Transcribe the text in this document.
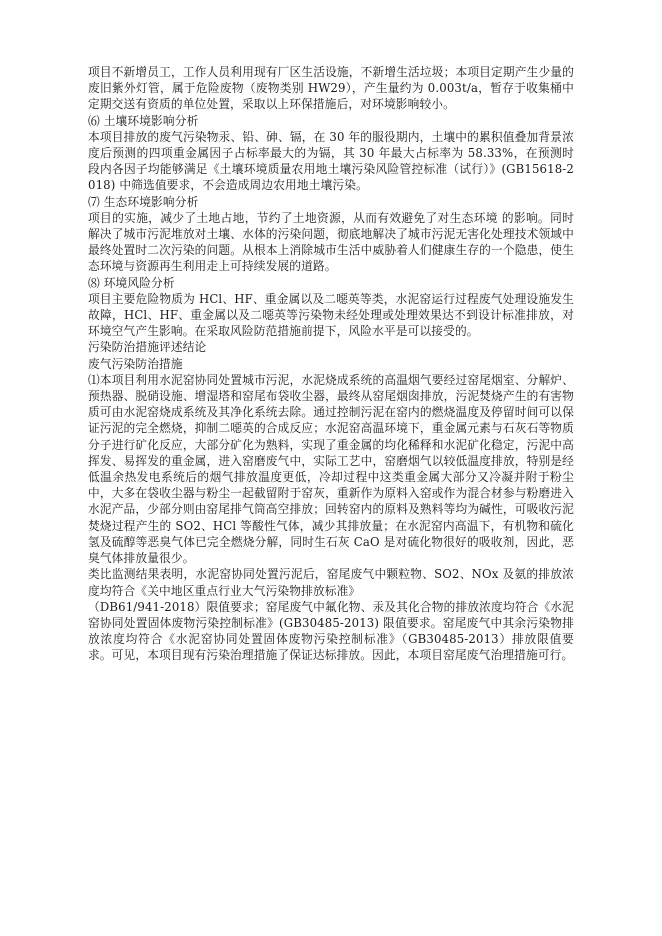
项目不新增员工，工作人员利用现有厂区生活设施，不新增生活垃圾；本项目定期产生少量的废旧紫外灯管，属于危险废物（废物类别 HW29），产生量约为 0.003t/a，暂存于收集桶中定期交送有资质的单位处置，采取以上环保措施后，对环境影响较小。

⑹ 土壤环境影响分析

本项目排放的废气污染物汞、铅、砷、镉，在 30 年的服役期内，土壤中的累积值叠加背景浓度后预测的四项重金属因子占标率最大的为镉，其 30 年最大占标率为 58.33%，在预测时段内各因子均能够满足《土壤环境质量农用地土壤污染风险管控标准（试行）》(GB15618-2018) 中筛选值要求，不会造成周边农用地土壤污染。

⑺ 生态环境影响分析

项目的实施，减少了土地占地，节约了土地资源，从而有效避免了对生态环境 的影响。同时解决了城市污泥堆放对土壤、水体的污染问题，彻底地解决了城市污泥无害化处理技术领域中最终处置时二次污染的问题。从根本上消除城市生活中威胁着人们健康生存的一个隐患，使生态环境与资源再生利用走上可持续发展的道路。

⑻ 环境风险分析

项目主要危险物质为 HCl、HF、重金属以及二噁英等类，水泥窑运行过程废气处理设施发生故障，HCl、HF、重金属以及二噁英等污染物未经处理或处理效果达不到设计标准排放，对环境空气产生影响。在采取风险防范措施前提下，风险水平是可以接受的。

污染防治措施评述结论

废气污染防治措施

⑴本项目利用水泥窑协同处置城市污泥，水泥烧成系统的高温烟气要经过窑尾烟室、分解炉、预热器、脱硝设施、增湿塔和窑尾布袋收尘器，最终从窑尾烟囱排放，污泥焚烧产生的有害物质可由水泥窑烧成系统及其净化系统去除。通过控制污泥在窑内的燃烧温度及停留时间可以保证污泥的完全燃烧，抑制二噁英的合成反应；水泥窑高温环境下，重金属元素与石灰石等物质分子进行矿化反应，大部分矿化为熟料，实现了重金属的均化稀释和水泥矿化稳定，污泥中高挥发、易挥发的重金属，进入窑磨废气中，实际工艺中，窑磨烟气以较低温度排放，特别是经低温余热发电系统后的烟气排放温度更低，冷却过程中这类重金属大部分又冷凝并附于粉尘中，大多在袋收尘器与粉尘一起截留附于窑灰，重新作为原料入窑或作为混合材参与粉磨进入水泥产品，少部分则由窑尾排气筒高空排放；回转窑内的原料及熟料等均为碱性，可吸收污泥焚烧过程产生的 SO2、HCl 等酸性气体，减少其排放量；在水泥窑内高温下，有机物和硫化氢及硫醇等恶臭气体已完全燃烧分解，同时生石灰 CaO 是对硫化物很好的吸收剂，因此，恶臭气体排放量很少。

类比监测结果表明，水泥窑协同处置污泥后，窑尾废气中颗粒物、SO2、NOx 及氨的排放浓度均符合《关中地区重点行业大气污染物排放标准》

（DB61/941-2018）限值要求；窑尾废气中氟化物、汞及其化合物的排放浓度均符合《水泥窑协同处置固体废物污染控制标准》(GB30485-2013) 限值要求。窑尾废气中其余污染物排放浓度均符合《水泥窑协同处置固体废物污染控制标准》（GB30485-2013）排放限值要求。可见，本项目现有污染治理措施了保证达标排放。因此，本项目窑尾废气治理措施可行。
